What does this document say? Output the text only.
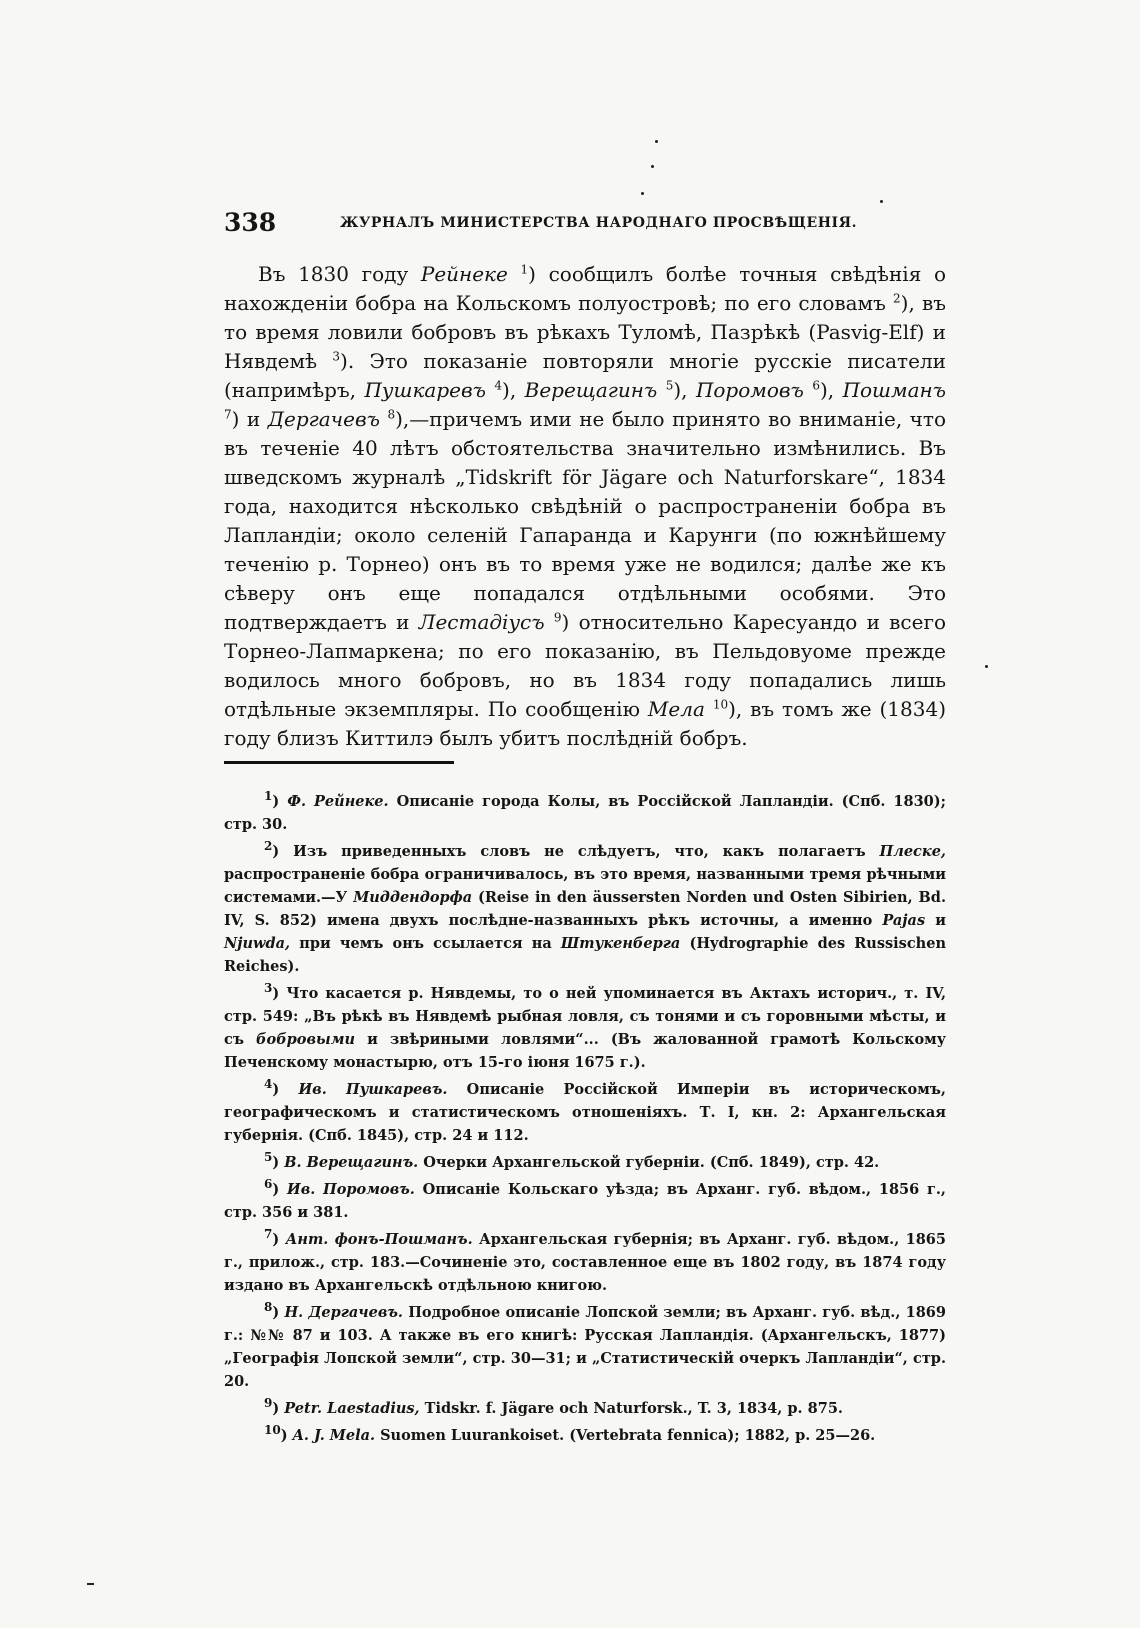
338	ЖУРНАЛЪ МИНИСТЕРСТВА НАРОДНАГО ПРОСВѢЩЕНІЯ.

Въ 1830 году Рейнеке $^1$) сообщилъ болѣе точныя свѣдѣнія о нахожденіи бобра на Кольскомъ полуостровѣ; по его словамъ $^2$), въ то время ловили бобровъ въ рѣкахъ Туломѣ, Пазрѣкѣ (Pasvig-Elf) и Нявдемѣ $^3$). Это показаніе повторяли многіе русскіе писатели (напримѣръ, Пушкаревъ $^4$), Верещагинъ $^5$), Поромовъ $^6$), Пошманъ $^7$) и Дергачевъ $^8$),—причемъ ими не было принято во вниманіе, что въ теченіе 40 лѣтъ обстоятельства значительно измѣнились. Въ шведскомъ журналѣ „Tidskrift för Jägare och Naturforskare“, 1834 года, находится нѣсколько свѣдѣній о распространеніи бобра въ Лапландіи; около селеній Гапаранда и Карунги (по южнѣйшему теченію р. Торнео) онъ въ то время уже не водился; далѣе же къ сѣверу онъ еще попадался отдѣльными особями. Это подтверждаетъ и Лестадіусъ $^9$) относительно Каресуандо и всего Торнео-Лапмаркена; по его показанію, въ Пельдовуоме прежде водилось много бобровъ, но въ 1834 году попадались лишь отдѣльные экземпляры. По сообщенію Мела $^{10}$), въ томъ же (1834) году близъ Киттилэ былъ убитъ послѣдній бобръ.

$^1$) Ф. Рейнеке. Описаніе города Колы, въ Россійской Лапландіи. (Спб. 1830); стр. 30.

$^2$) Изъ приведенныхъ словъ не слѣдуетъ, что, какъ полагаетъ Плеске, распространеніе бобра ограничивалось, въ это время, названными тремя рѣчными системами.—У Миддендорфа (Reise in den äussersten Norden und Osten Sibirien, Bd. IV, S. 852) имена двухъ послѣдне-названныхъ рѣкъ источны, а именно Pajas и Njuwda, при чемъ онъ ссылается на Штукенберга (Hydrographie des Russischen Reiches).

$^3$) Что касается р. Нявдемы, то о ней упоминается въ Актахъ историч., т. IV, стр. 549: „Въ рѣкѣ въ Нявдемѣ рыбная ловля, съ тонями и съ горовными мѣсты, и съ бобровыми и звѣриными ловлями“... (Въ жалованной грамотѣ Кольскому Печенскому монастырю, отъ 15-го іюня 1675 г.).

$^4$) Ив. Пушкаревъ. Описаніе Россійской Имперіи въ историческомъ, географическомъ и статистическомъ отношеніяхъ. Т. I, кн. 2: Архангельская губернія. (Спб. 1845), стр. 24 и 112.

$^5$) В. Верещагинъ. Очерки Архангельской губерніи. (Спб. 1849), стр. 42.

$^6$) Ив. Поромовъ. Описаніе Кольскаго уѣзда; въ Арханг. губ. вѣдом., 1856 г., стр. 356 и 381.

$^7$) Ант. фонъ-Пошманъ. Архангельская губернія; въ Арханг. губ. вѣдом., 1865 г., прилож., стр. 183.—Сочиненіе это, составленное еще въ 1802 году, въ 1874 году издано въ Архангельскѣ отдѣльною книгою.

$^8$) Н. Дергачевъ. Подробное описаніе Лопской земли; въ Арханг. губ. вѣд., 1869 г.: №№ 87 и 103. А также въ его книгѣ: Русская Лапландія. (Архангельскъ, 1877) „Географія Лопской земли“, стр. 30—31; и „Статистическій очеркъ Лапландіи“, стр. 20.

$^9$) Petr. Laestadius, Tidskr. f. Jägare och Naturforsk., T. 3, 1834, p. 875.

$^{10}$) A. J. Mela. Suomen Luurankoiset. (Vertebrata fennica); 1882, p. 25—26.
